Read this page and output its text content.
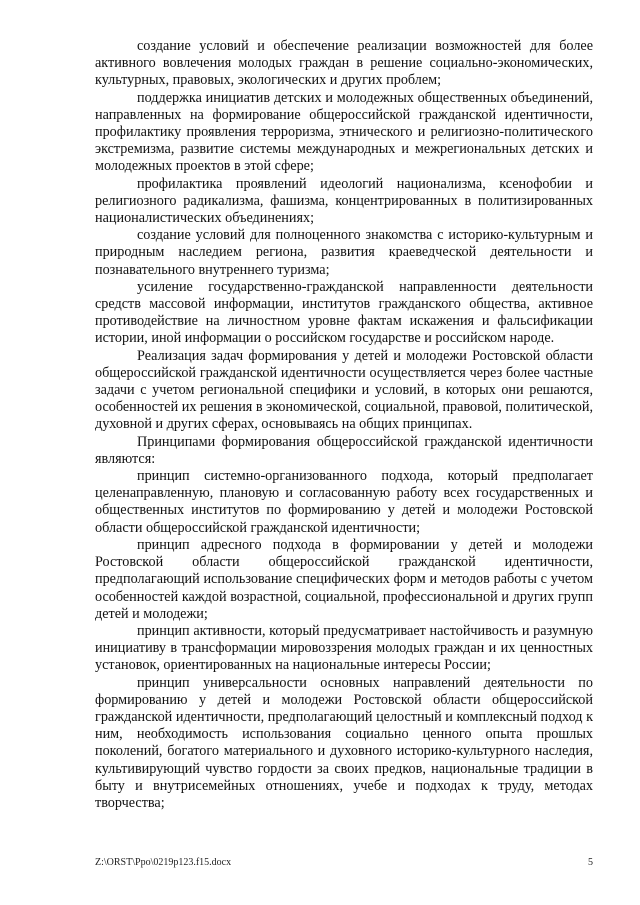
создание условий и обеспечение реализации возможностей для более активного вовлечения молодых граждан в решение социально-экономических, культурных, правовых, экологических и других проблем;

поддержка инициатив детских и молодежных общественных объединений, направленных на формирование общероссийской гражданской идентичности, профилактику проявления терроризма, этнического и религиозно-политического экстремизма, развитие системы международных и межрегиональных детских и молодежных проектов в этой сфере;

профилактика проявлений идеологий национализма, ксенофобии и религиозного радикализма, фашизма, концентрированных в политизированных националистических объединениях;

создание условий для полноценного знакомства с историко-культурным и природным наследием региона, развития краеведческой деятельности и познавательного внутреннего туризма;

усиление государственно-гражданской направленности деятельности средств массовой информации, институтов гражданского общества, активное противодействие на личностном уровне фактам искажения и фальсификации истории, иной информации о российском государстве и российском народе.

Реализация задач формирования у детей и молодежи Ростовской области общероссийской гражданской идентичности осуществляется через более частные задачи с учетом региональной специфики и условий, в которых они решаются, особенностей их решения в экономической, социальной, правовой, политической, духовной и других сферах, основываясь на общих принципах.

Принципами формирования общероссийской гражданской идентичности являются:

принцип системно-организованного подхода, который предполагает целенаправленную, плановую и согласованную работу всех государственных и общественных институтов по формированию у детей и молодежи Ростовской области общероссийской гражданской идентичности;

принцип адресного подхода в формировании у детей и молодежи Ростовской области общероссийской гражданской идентичности, предполагающий использование специфических форм и методов работы с учетом особенностей каждой возрастной, социальной, профессиональной и других групп детей и молодежи;

принцип активности, который предусматривает настойчивость и разумную инициативу в трансформации мировоззрения молодых граждан и их ценностных установок, ориентированных на национальные интересы России;

принцип универсальности основных направлений деятельности по формированию у детей и молодежи Ростовской области общероссийской гражданской идентичности, предполагающий целостный и комплексный подход к ним, необходимость использования социально ценного опыта прошлых поколений, богатого материального и духовного историко-культурного наследия, культивирующий чувство гордости за своих предков, национальные традиции в быту и внутрисемейных отношениях, учебе и подходах к труду, методах творчества;

Z:\ORST\Ppo\0219p123.f15.docx	5
